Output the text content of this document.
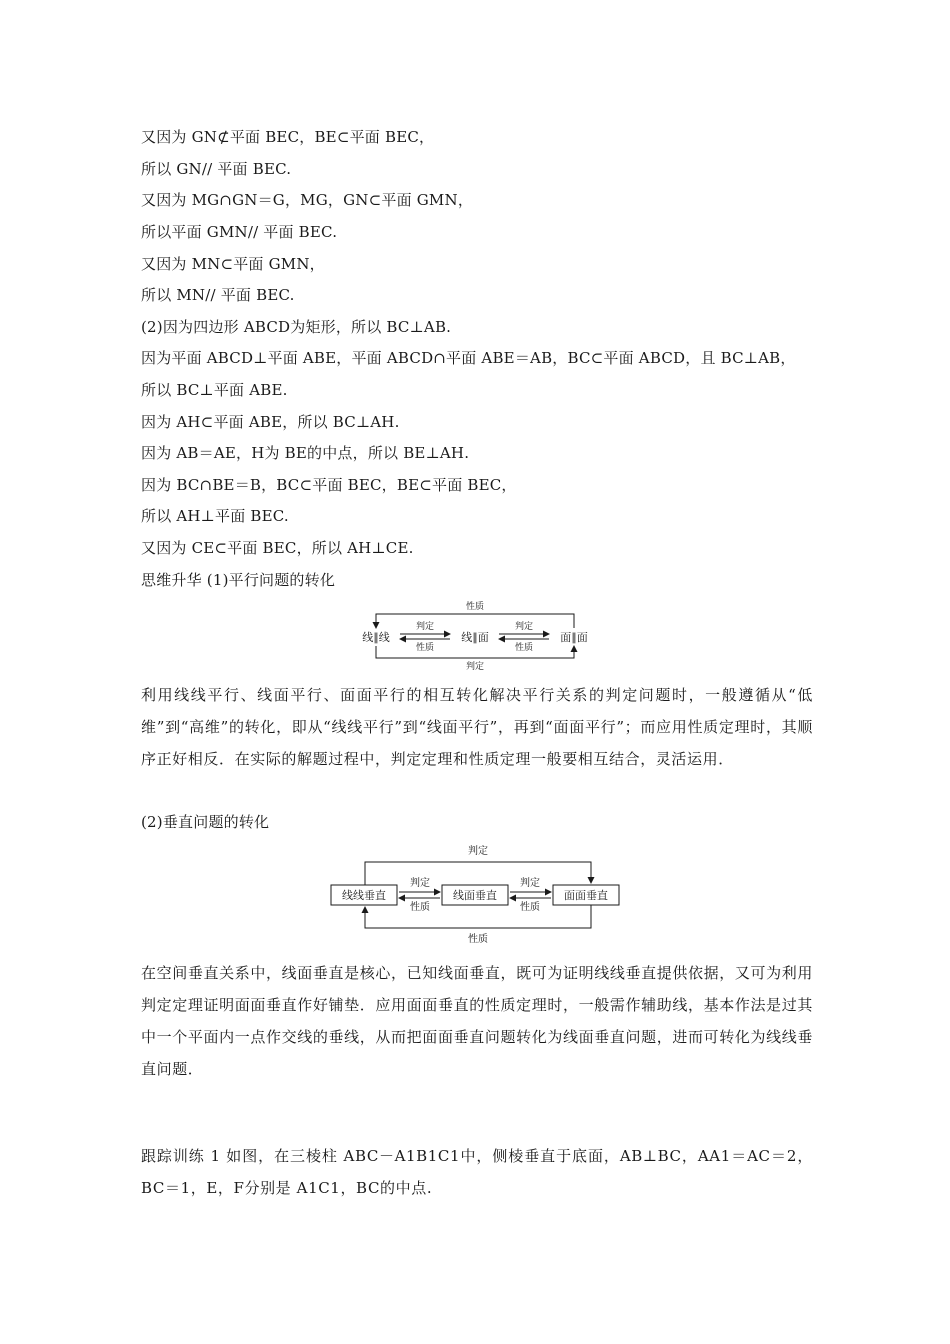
又因为 GN⊄平面 BEC，BE⊂平面 BEC，
所以 GN// 平面 BEC.
又因为 MG∩GN＝G，MG，GN⊂平面 GMN，
所以平面 GMN// 平面 BEC.
又因为 MN⊂平面 GMN，
所以 MN// 平面 BEC.
(2)因为四边形 ABCD为矩形，所以 BC⊥AB.
因为平面 ABCD⊥平面 ABE，平面 ABCD∩平面 ABE＝AB，BC⊂平面 ABCD，且 BC⊥AB，
所以 BC⊥平面 ABE.
因为 AH⊂平面 ABE，所以 BC⊥AH.
因为 AB＝AE，H为 BE的中点，所以 BE⊥AH.
因为 BC∩BE＝B，BC⊂平面 BEC，BE⊂平面 BEC，
所以 AH⊥平面 BEC.
又因为 CE⊂平面 BEC，所以 AH⊥CE.
思维升华 (1)平行问题的转化
性质
判定
线∥线	线∥面	面∥面
判定
性质
判定
性质
利用线线平行、线面平行、面面平行的相互转化解决平行关系的判定问题时，一般遵循从“低维”到“高维”的转化，即从“线线平行”到“线面平行”，再到“面面平行”；而应用性质定理时，其顺序正好相反．在实际的解题过程中，判定定理和性质定理一般要相互结合，灵活运用．
(2)垂直问题的转化
判定
性质
线线垂直	线面垂直	面面垂直
判定
性质
判定
性质
在空间垂直关系中，线面垂直是核心，已知线面垂直，既可为证明线线垂直提供依据，又可为利用判定定理证明面面垂直作好铺垫．应用面面垂直的性质定理时，一般需作辅助线，基本作法是过其中一个平面内一点作交线的垂线，从而把面面垂直问题转化为线面垂直问题，进而可转化为线线垂直问题．
跟踪训练 1 如图，在三棱柱 ABC－A1B1C1中，侧棱垂直于底面，AB⊥BC，AA1＝AC＝2，BC＝1，E，F分别是 A1C1，BC的中点.
